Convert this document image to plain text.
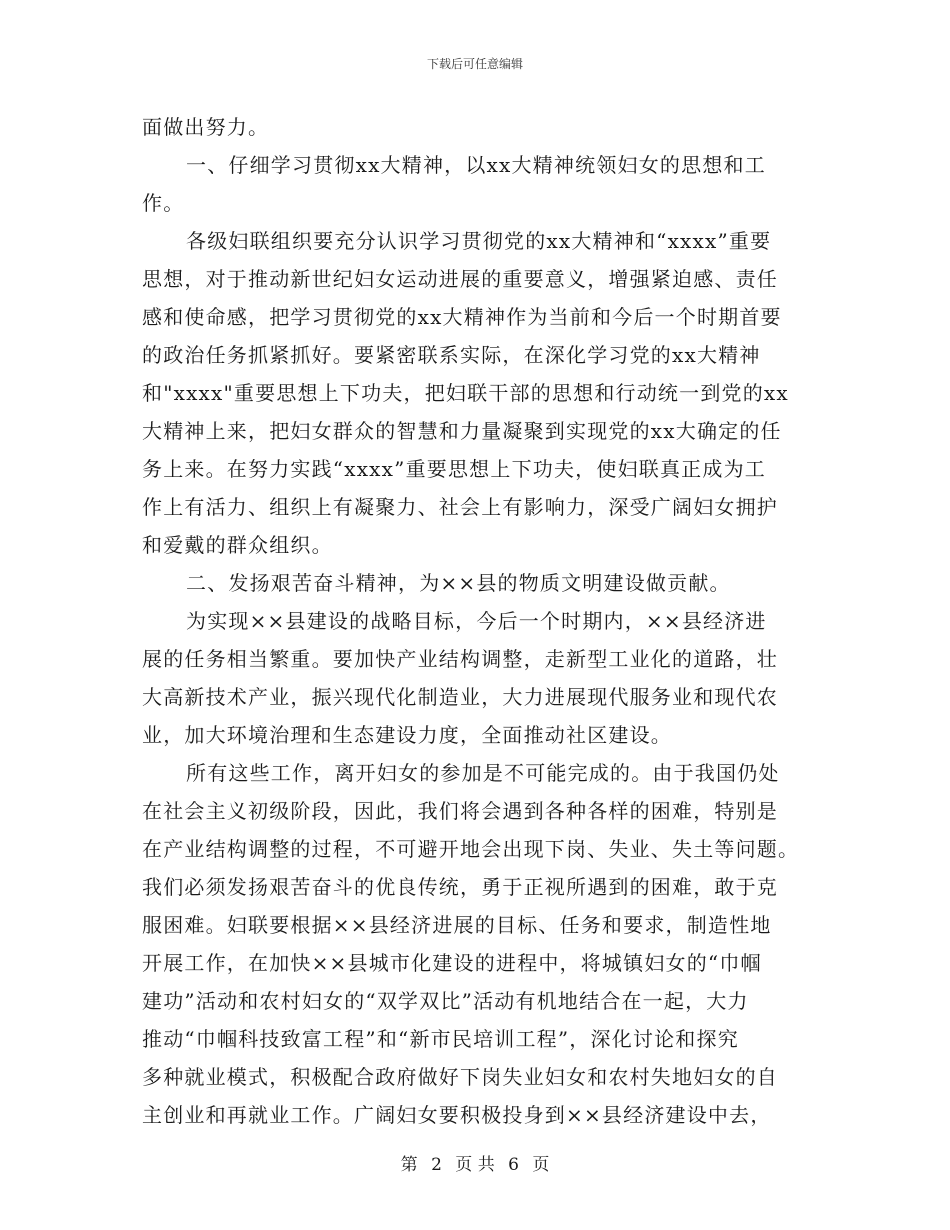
下载后可任意编辑
面做出努力。
一、仔细学习贯彻xx大精神，以xx大精神统领妇女的思想和工
作。
各级妇联组织要充分认识学习贯彻党的xx大精神和“xxxx”重要
思想，对于推动新世纪妇女运动进展的重要意义，增强紧迫感、责任
感和使命感，把学习贯彻党的xx大精神作为当前和今后一个时期首要
的政治任务抓紧抓好。要紧密联系实际，在深化学习党的xx大精神
和"xxxx"重要思想上下功夫，把妇联干部的思想和行动统一到党的xx
大精神上来，把妇女群众的智慧和力量凝聚到实现党的xx大确定的任
务上来。在努力实践“xxxx”重要思想上下功夫，使妇联真正成为工
作上有活力、组织上有凝聚力、社会上有影响力，深受广阔妇女拥护
和爱戴的群众组织。
二、发扬艰苦奋斗精神，为××县的物质文明建设做贡献。
为实现××县建设的战略目标，今后一个时期内，××县经济进
展的任务相当繁重。要加快产业结构调整，走新型工业化的道路，壮
大高新技术产业，振兴现代化制造业，大力进展现代服务业和现代农
业，加大环境治理和生态建设力度，全面推动社区建设。
所有这些工作，离开妇女的参加是不可能完成的。由于我国仍处
在社会主义初级阶段，因此，我们将会遇到各种各样的困难，特别是
在产业结构调整的过程，不可避开地会出现下岗、失业、失土等问题。
我们必须发扬艰苦奋斗的优良传统，勇于正视所遇到的困难，敢于克
服困难。妇联要根据××县经济进展的目标、任务和要求，制造性地
开展工作，在加快××县城市化建设的进程中，将城镇妇女的“巾帼
建功”活动和农村妇女的“双学双比”活动有机地结合在一起，大力
推动“巾帼科技致富工程”和“新市民培训工程”，深化讨论和探究
多种就业模式，积极配合政府做好下岗失业妇女和农村失地妇女的自
主创业和再就业工作。广阔妇女要积极投身到××县经济建设中去，
第 2 页 共 6 页
